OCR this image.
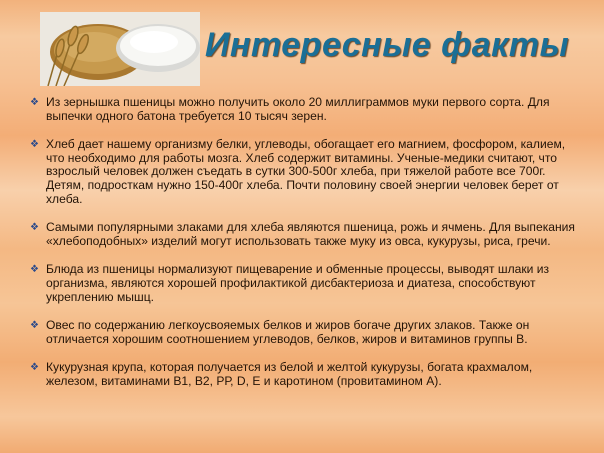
Интересные факты
❖ Из зернышка пшеницы можно получить около 20 миллиграммов муки первого сорта. Для выпечки одного батона требуется 10 тысяч зерен.
❖ Хлеб дает нашему организму белки, углеводы, обогащает его магнием, фосфором, калием, что необходимо для работы мозга. Хлеб содержит витамины. Ученые-медики считают, что взрослый человек должен съедать в сутки 300-500г хлеба, при тяжелой работе все 700г. Детям, подросткам нужно 150-400г хлеба. Почти половину своей энергии человек берет от хлеба.
❖ Самыми популярными злаками для хлеба являются пшеница, рожь и ячмень. Для выпекания «хлебоподобных» изделий могут использовать также муку из овса, кукурузы, риса, гречи.
❖ Блюда из пшеницы нормализуют пищеварение и обменные процессы, выводят шлаки из организма, являются хорошей профилактикой дисбактериоза и диатеза, способствуют укреплению мышц.
❖ Овес по содержанию легкоусвояемых белков и жиров богаче других злаков. Также он отличается хорошим соотношением углеводов, белков, жиров и витаминов группы В.
❖ Кукурузная крупа, которая получается из белой и желтой кукурузы, богата крахмалом, железом, витаминами В1, В2, РР, D, Е и каротином (провитамином А).
